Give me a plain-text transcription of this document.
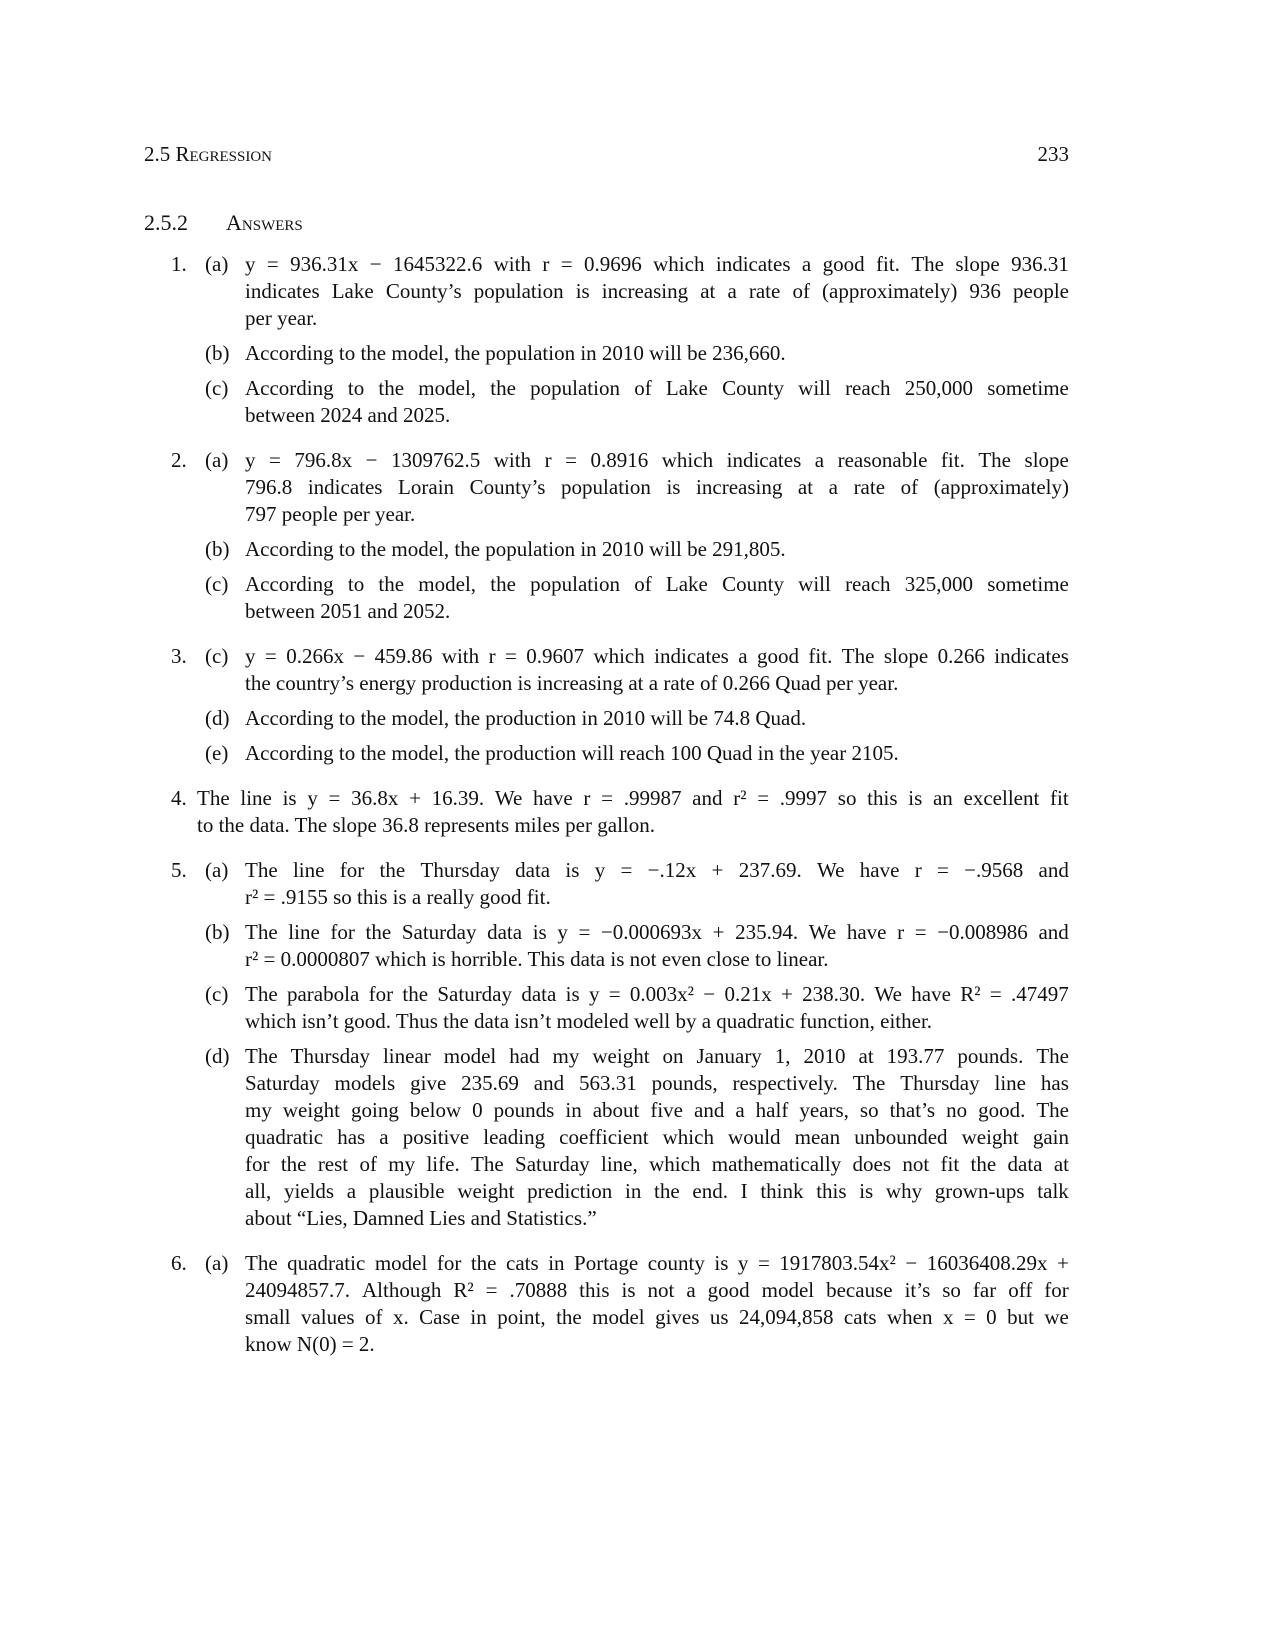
2.5 Regression	233
2.5.2 Answers
1. (a) y = 936.31x − 1645322.6 with r = 0.9696 which indicates a good fit. The slope 936.31
indicates Lake County’s population is increasing at a rate of (approximately) 936 people
per year.
(b) According to the model, the population in 2010 will be 236,660.
(c) According to the model, the population of Lake County will reach 250,000 sometime
between 2024 and 2025.
2. (a) y = 796.8x − 1309762.5 with r = 0.8916 which indicates a reasonable fit. The slope
796.8 indicates Lorain County’s population is increasing at a rate of (approximately)
797 people per year.
(b) According to the model, the population in 2010 will be 291,805.
(c) According to the model, the population of Lake County will reach 325,000 sometime
between 2051 and 2052.
3. (c) y = 0.266x − 459.86 with r = 0.9607 which indicates a good fit. The slope 0.266 indicates
the country’s energy production is increasing at a rate of 0.266 Quad per year.
(d) According to the model, the production in 2010 will be 74.8 Quad.
(e) According to the model, the production will reach 100 Quad in the year 2105.
4. The line is y = 36.8x + 16.39. We have r = .99987 and r² = .9997 so this is an excellent fit
to the data. The slope 36.8 represents miles per gallon.
5. (a) The line for the Thursday data is y = −.12x + 237.69. We have r = −.9568 and
r² = .9155 so this is a really good fit.
(b) The line for the Saturday data is y = −0.000693x + 235.94. We have r = −0.008986 and
r² = 0.0000807 which is horrible. This data is not even close to linear.
(c) The parabola for the Saturday data is y = 0.003x² − 0.21x + 238.30. We have R² = .47497
which isn’t good. Thus the data isn’t modeled well by a quadratic function, either.
(d) The Thursday linear model had my weight on January 1, 2010 at 193.77 pounds. The
Saturday models give 235.69 and 563.31 pounds, respectively. The Thursday line has
my weight going below 0 pounds in about five and a half years, so that’s no good. The
quadratic has a positive leading coefficient which would mean unbounded weight gain
for the rest of my life. The Saturday line, which mathematically does not fit the data at
all, yields a plausible weight prediction in the end. I think this is why grown-ups talk
about “Lies, Damned Lies and Statistics.”
6. (a) The quadratic model for the cats in Portage county is y = 1917803.54x² − 16036408.29x +
24094857.7. Although R² = .70888 this is not a good model because it’s so far off for
small values of x. Case in point, the model gives us 24,094,858 cats when x = 0 but we
know N(0) = 2.
